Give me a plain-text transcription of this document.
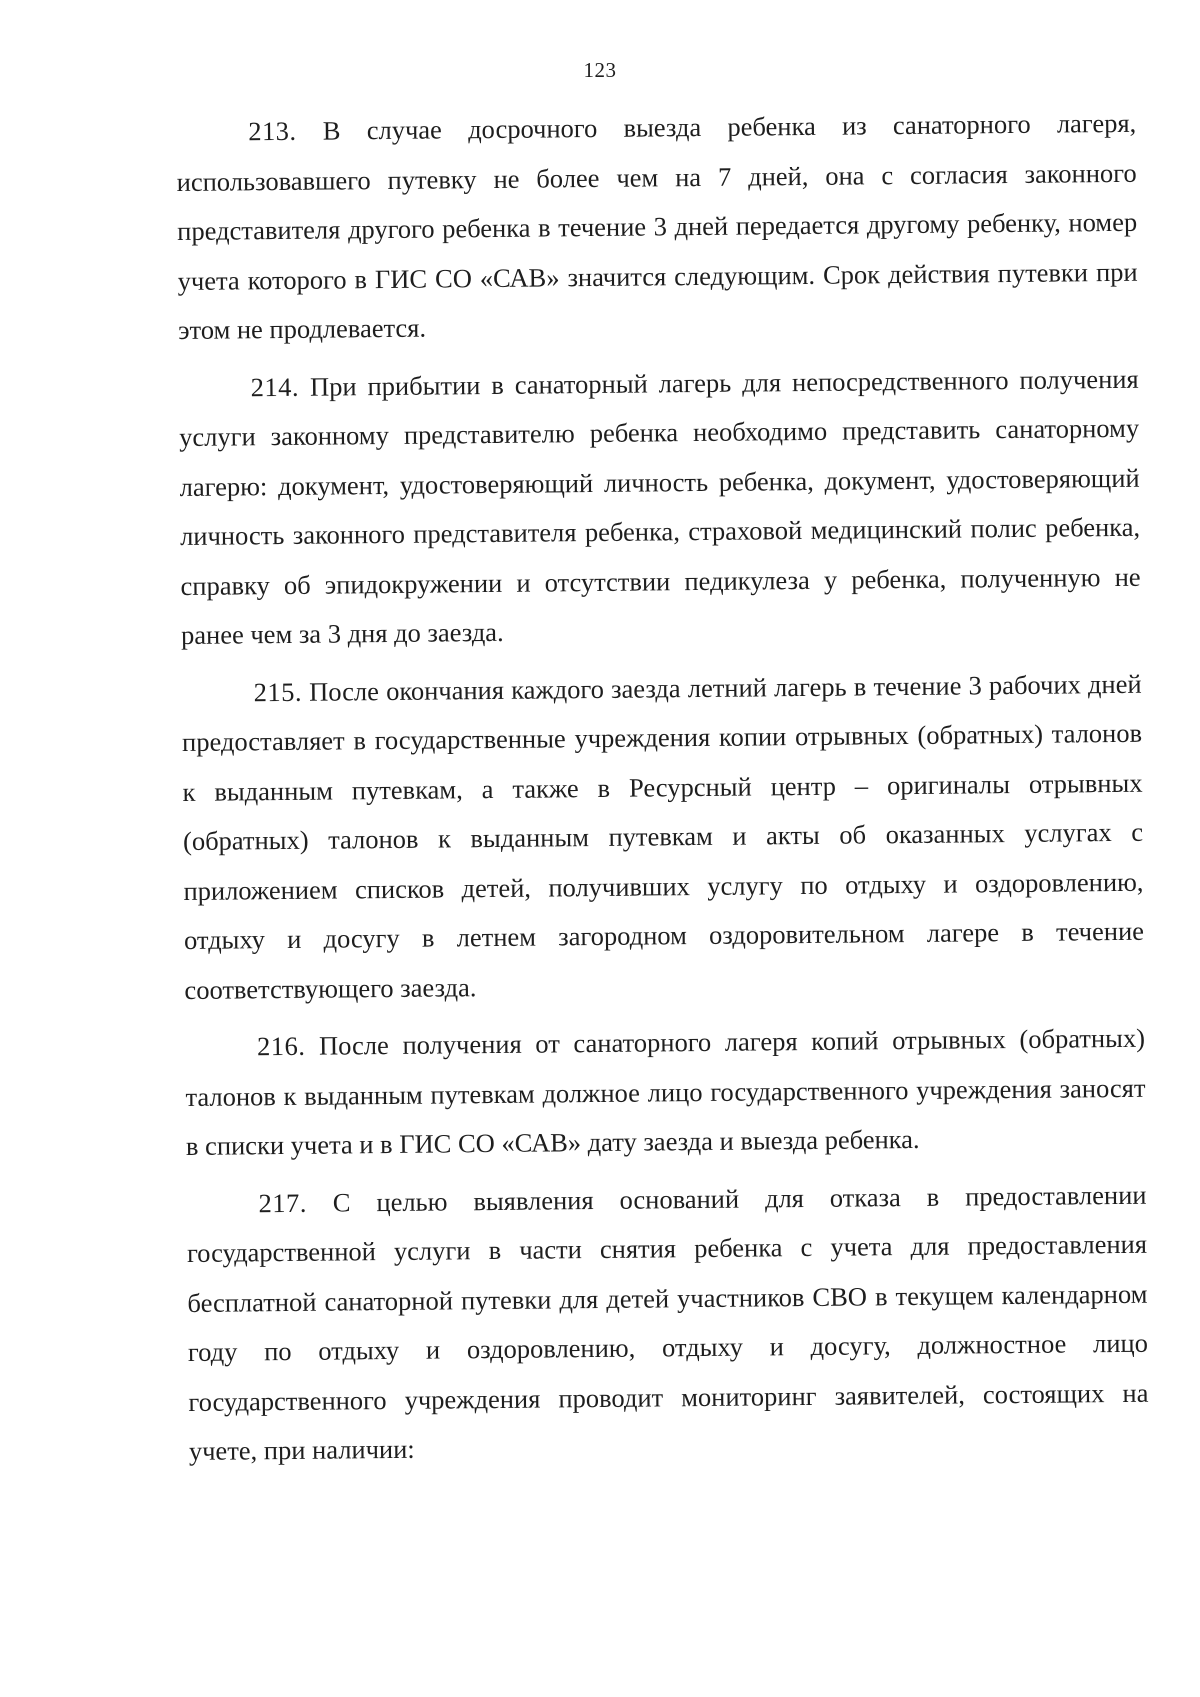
123

213. В случае досрочного выезда ребенка из санаторного лагеря, использовавшего путевку не более чем на 7 дней, она с согласия законного представителя другого ребенка в течение 3 дней передается другому ребенку, номер учета которого в ГИС СО «САВ» значится следующим. Срок действия путевки при этом не продлевается.

214. При прибытии в санаторный лагерь для непосредственного получения услуги законному представителю ребенка необходимо представить санаторному лагерю: документ, удостоверяющий личность ребенка, документ, удостоверяющий личность законного представителя ребенка, страховой медицинский полис ребенка, справку об эпидокружении и отсутствии педикулеза у ребенка, полученную не ранее чем за 3 дня до заезда.

215. После окончания каждого заезда летний лагерь в течение 3 рабочих дней предоставляет в государственные учреждения копии отрывных (обратных) талонов к выданным путевкам, а также в Ресурсный центр – оригиналы отрывных (обратных) талонов к выданным путевкам и акты об оказанных услугах с приложением списков детей, получивших услугу по отдыху и оздоровлению, отдыху и досугу в летнем загородном оздоровительном лагере в течение соответствующего заезда.

216. После получения от санаторного лагеря копий отрывных (обратных) талонов к выданным путевкам должное лицо государственного учреждения заносят в списки учета и в ГИС СО «САВ» дату заезда и выезда ребенка.

217. С целью выявления оснований для отказа в предоставлении государственной услуги в части снятия ребенка с учета для предоставления бесплатной санаторной путевки для детей участников СВО в текущем календарном году по отдыху и оздоровлению, отдыху и досугу, должностное лицо государственного учреждения проводит мониторинг заявителей, состоящих на учете, при наличии:
